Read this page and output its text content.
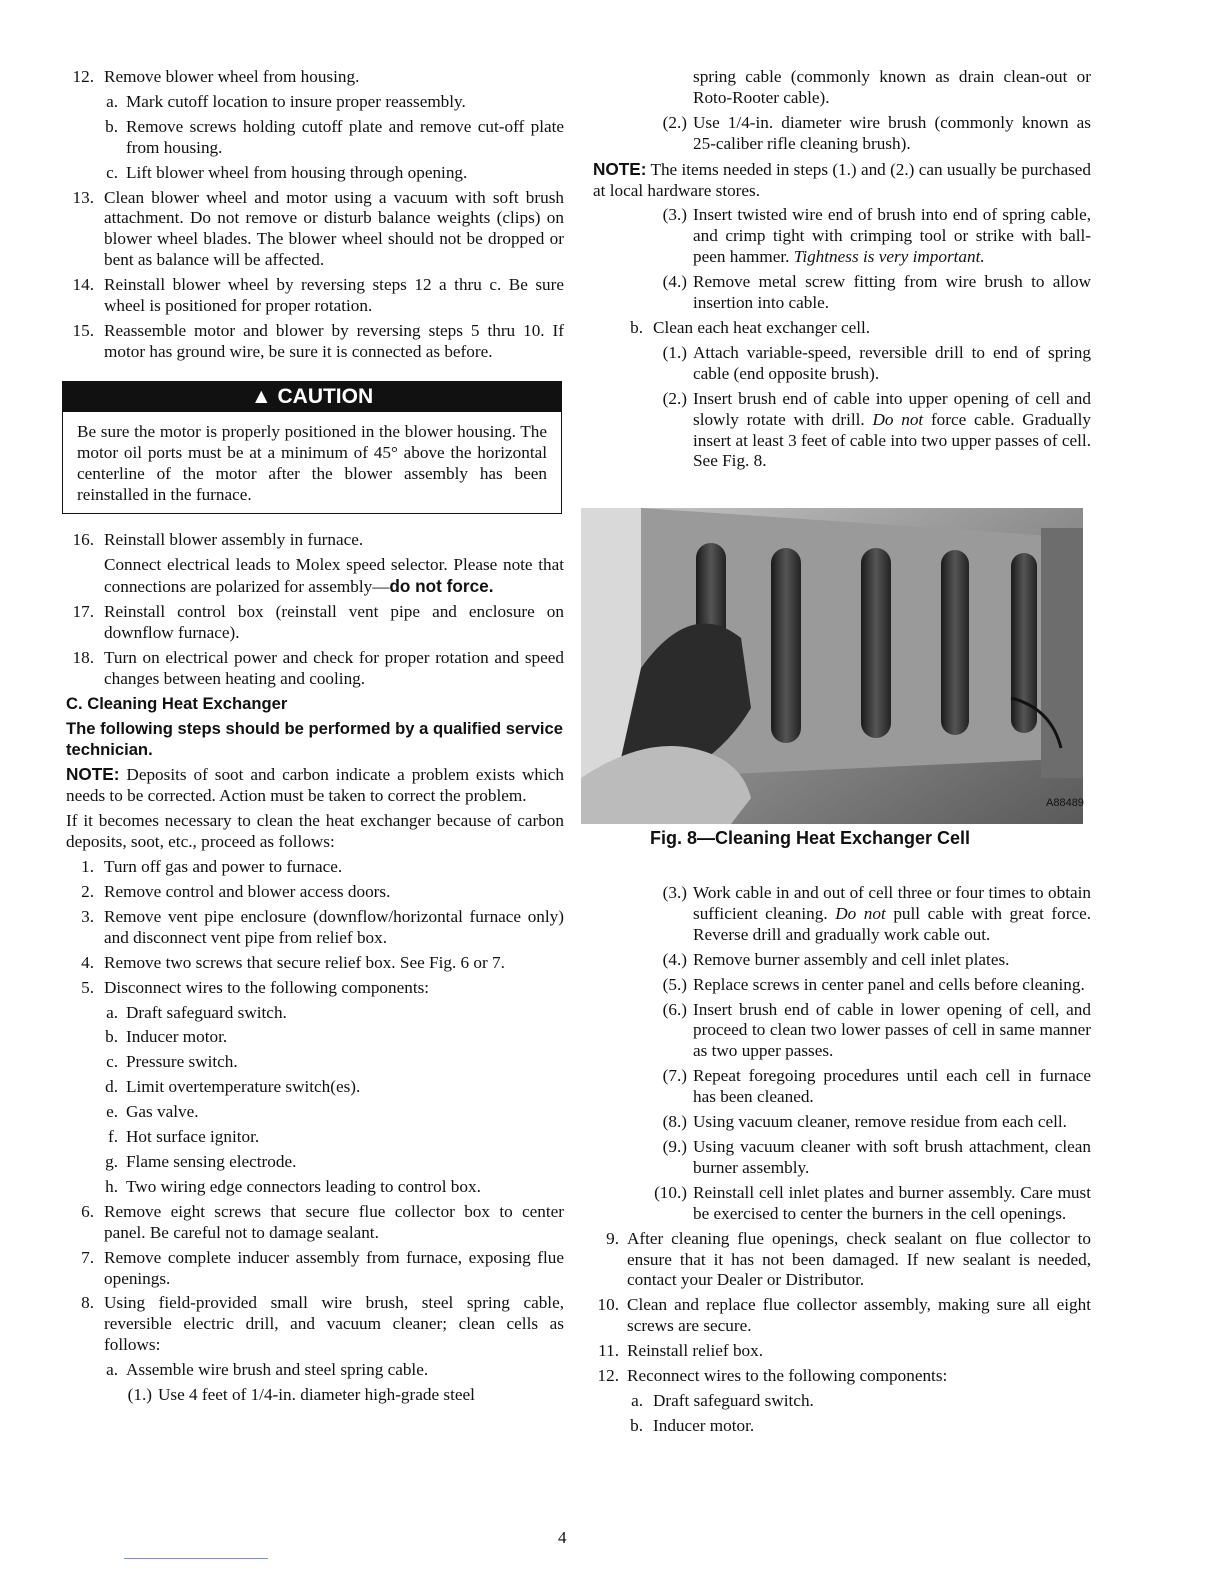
12. Remove blower wheel from housing.
a. Mark cutoff location to insure proper reassembly.
b. Remove screws holding cutoff plate and remove cut-off plate from housing.
c. Lift blower wheel from housing through opening.
13. Clean blower wheel and motor using a vacuum with soft brush attachment. Do not remove or disturb balance weights (clips) on blower wheel blades. The blower wheel should not be dropped or bent as balance will be affected.
14. Reinstall blower wheel by reversing steps 12 a thru c. Be sure wheel is positioned for proper rotation.
15. Reassemble motor and blower by reversing steps 5 thru 10. If motor has ground wire, be sure it is connected as before.
▲ CAUTION
Be sure the motor is properly positioned in the blower housing. The motor oil ports must be at a minimum of 45° above the horizontal centerline of the motor after the blower assembly has been reinstalled in the furnace.
16. Reinstall blower assembly in furnace.
Connect electrical leads to Molex speed selector. Please note that connections are polarized for assembly—do not force.
17. Reinstall control box (reinstall vent pipe and enclosure on downflow furnace).
18. Turn on electrical power and check for proper rotation and speed changes between heating and cooling.
C. Cleaning Heat Exchanger
The following steps should be performed by a qualified service technician.

NOTE: Deposits of soot and carbon indicate a problem exists which needs to be corrected. Action must be taken to correct the problem.

If it becomes necessary to clean the heat exchanger because of carbon deposits, soot, etc., proceed as follows:

1. Turn off gas and power to furnace.
2. Remove control and blower access doors.
3. Remove vent pipe enclosure (downflow/horizontal furnace only) and disconnect vent pipe from relief box.
4. Remove two screws that secure relief box. See Fig. 6 or 7.
5. Disconnect wires to the following components:
a. Draft safeguard switch.
b. Inducer motor.
c. Pressure switch.
d. Limit overtemperature switch(es).
e. Gas valve.
f. Hot surface ignitor.
g. Flame sensing electrode.
h. Two wiring edge connectors leading to control box.
6. Remove eight screws that secure flue collector box to center panel. Be careful not to damage sealant.
7. Remove complete inducer assembly from furnace, exposing flue openings.
8. Using field-provided small wire brush, steel spring cable, reversible electric drill, and vacuum cleaner; clean cells as follows:
a. Assemble wire brush and steel spring cable.
(1.) Use 4 feet of 1/4-in. diameter high-grade steel
spring cable (commonly known as drain clean-out or Roto-Rooter cable).
(2.) Use 1/4-in. diameter wire brush (commonly known as 25-caliber rifle cleaning brush).

NOTE: The items needed in steps (1.) and (2.) can usually be purchased at local hardware stores.

(3.) Insert twisted wire end of brush into end of spring cable, and crimp tight with crimping tool or strike with ball-peen hammer. Tightness is very important.
(4.) Remove metal screw fitting from wire brush to allow insertion into cable.
b. Clean each heat exchanger cell.
(1.) Attach variable-speed, reversible drill to end of spring cable (end opposite brush).
(2.) Insert brush end of cable into upper opening of cell and slowly rotate with drill. Do not force cable. Gradually insert at least 3 feet of cable into two upper passes of cell. See Fig. 8.
A88489
Fig. 8—Cleaning Heat Exchanger Cell
(3.) Work cable in and out of cell three or four times to obtain sufficient cleaning. Do not pull cable with great force. Reverse drill and gradually work cable out.
(4.) Remove burner assembly and cell inlet plates.
(5.) Replace screws in center panel and cells before cleaning.
(6.) Insert brush end of cable in lower opening of cell, and proceed to clean two lower passes of cell in same manner as two upper passes.
(7.) Repeat foregoing procedures until each cell in furnace has been cleaned.
(8.) Using vacuum cleaner, remove residue from each cell.
(9.) Using vacuum cleaner with soft brush attachment, clean burner assembly.
(10.) Reinstall cell inlet plates and burner assembly. Care must be exercised to center the burners in the cell openings.
9. After cleaning flue openings, check sealant on flue collector to ensure that it has not been damaged. If new sealant is needed, contact your Dealer or Distributor.
10. Clean and replace flue collector assembly, making sure all eight screws are secure.
11. Reinstall relief box.
12. Reconnect wires to the following components:
a. Draft safeguard switch.
b. Inducer motor.
4
